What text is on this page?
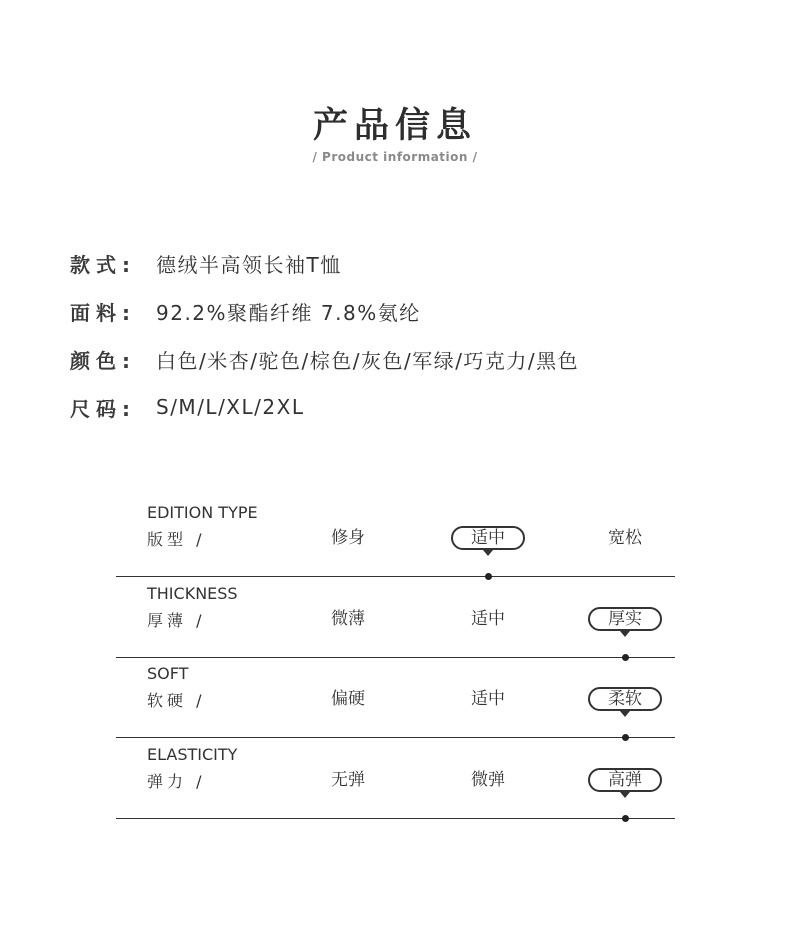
产品信息
/ Product information /
款式:	德绒半高领长袖T恤
面料:	92.2%聚酯纤维 7.8%氨纶
颜色:	白色/米杏/驼色/棕色/灰色/军绿/巧克力/黑色
尺码:	S/M/L/XL/2XL
EDITION TYPE
版型 /	修身	适中	宽松
THICKNESS
厚薄 /	微薄	适中	厚实
SOFT
软硬 /	偏硬	适中	柔软
ELASTICITY
弹力 /	无弹	微弹	高弹
